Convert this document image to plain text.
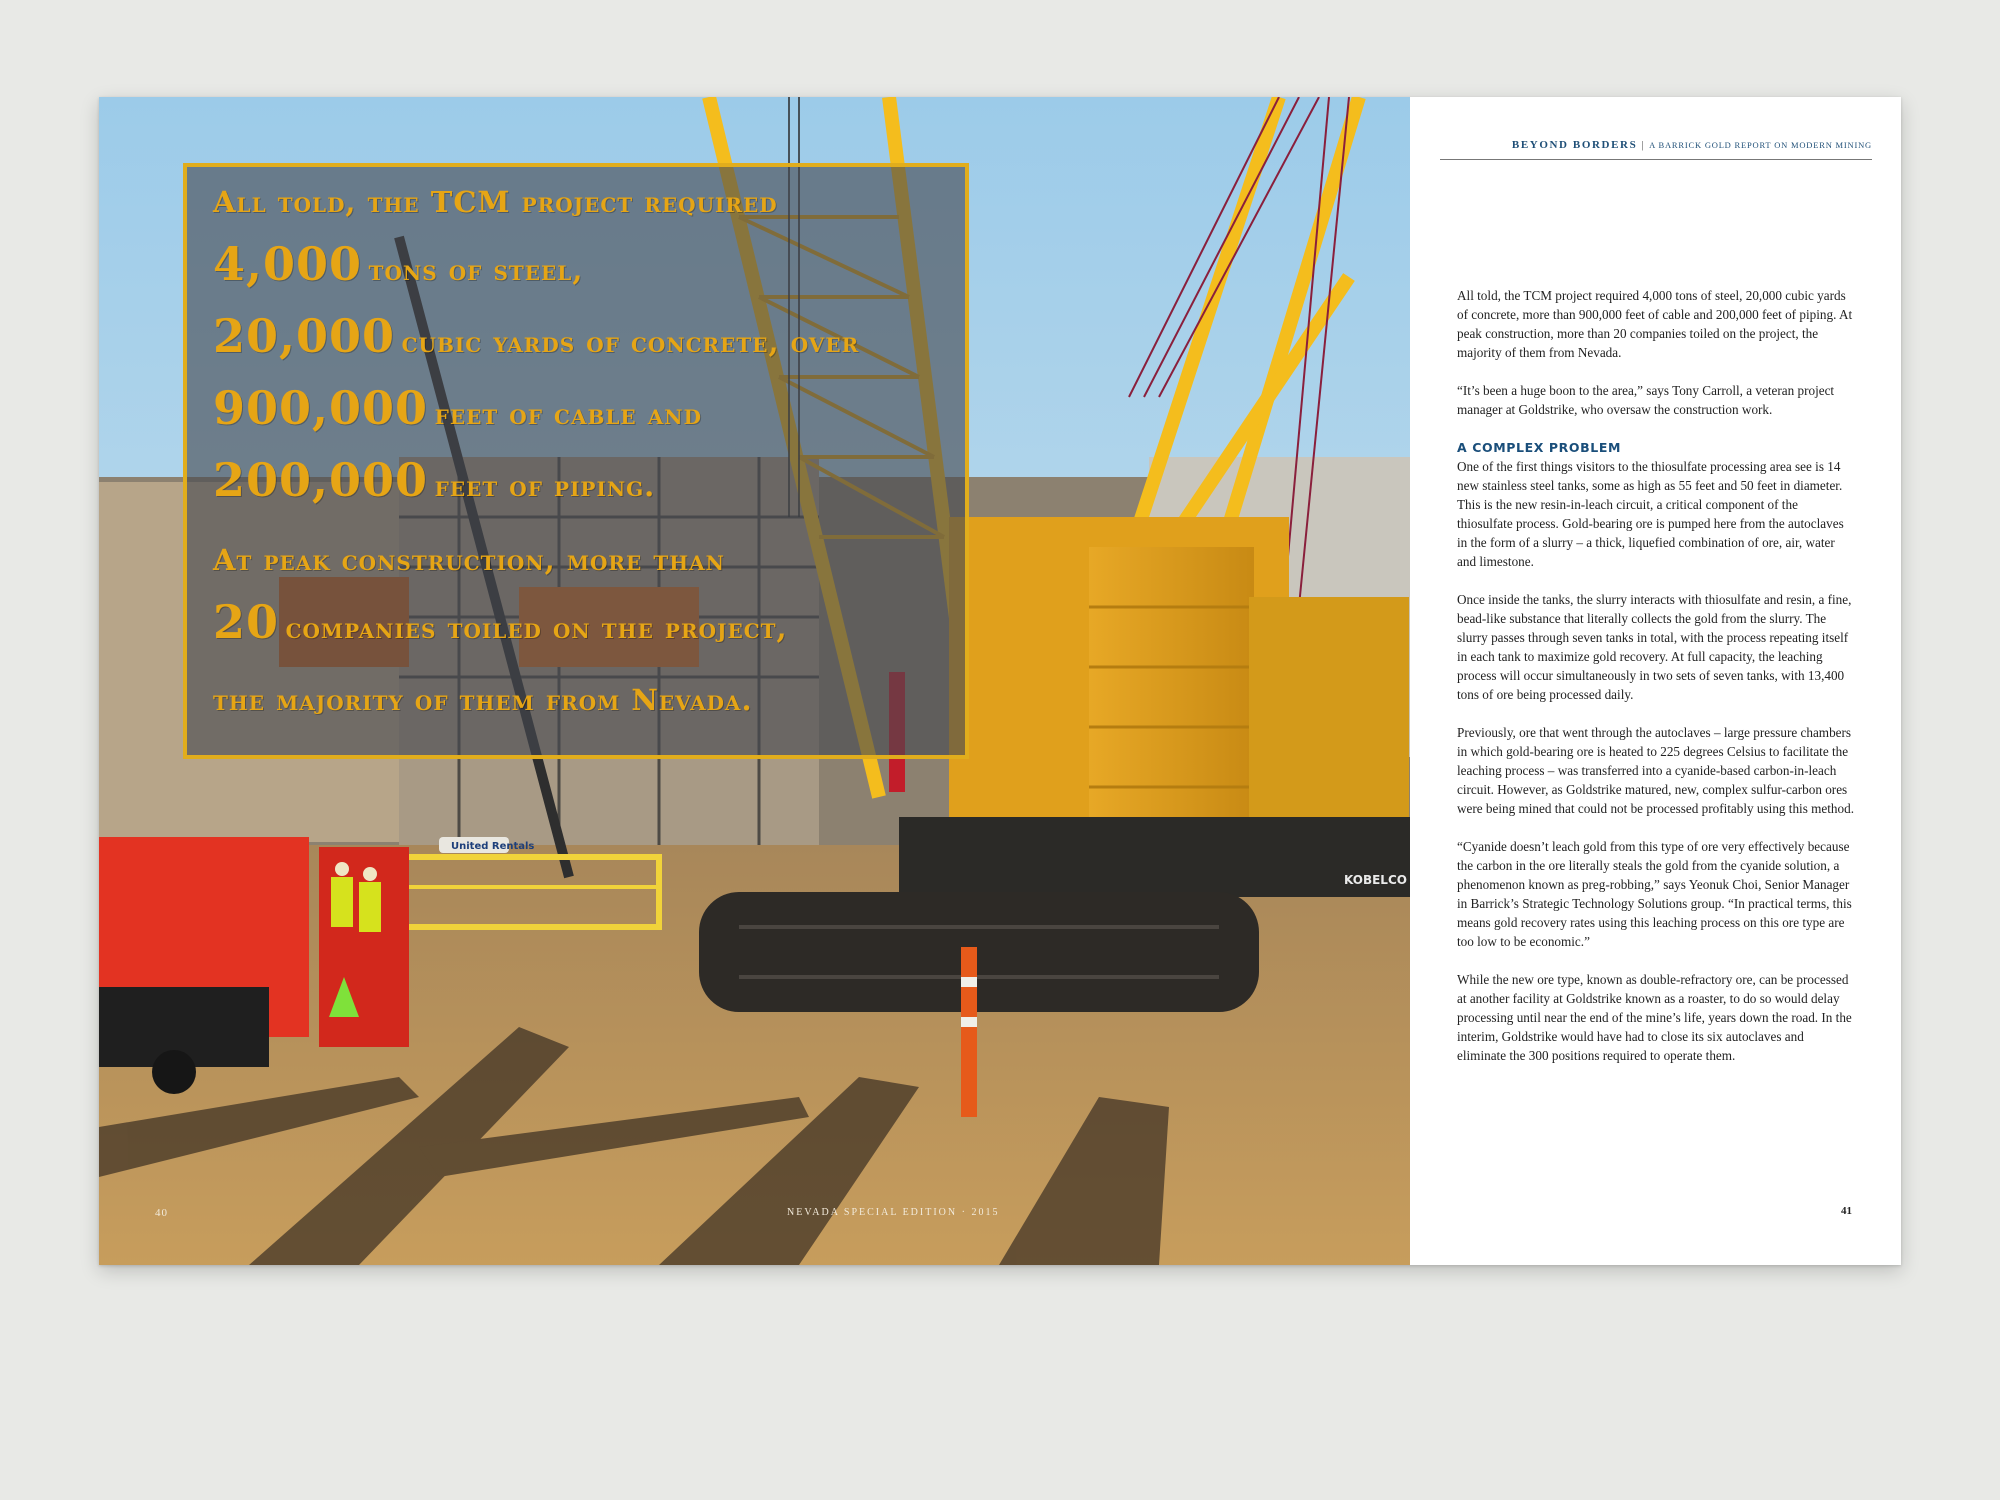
United Rentals
KOBELCO
All told, the TCM project required
4,000 tons of steel,
20,000 cubic yards of concrete, over
900,000 feet of cable and
200,000 feet of piping.
At peak construction, more than
20 companies toiled on the project,
the majority of them from Nevada.
40	NEVADA SPECIAL EDITION · 2015
BEYOND BORDERS | A BARRICK GOLD REPORT ON MODERN MINING

All told, the TCM project required 4,000 tons of steel, 20,000 cubic yards of concrete, more than 900,000 feet of cable and 200,000 feet of piping. At peak construction, more than 20 companies toiled on the project, the majority of them from Nevada.

“It’s been a huge boon to the area,” says Tony Carroll, a veteran project manager at Goldstrike, who oversaw the construction work.

A COMPLEX PROBLEM

One of the first things visitors to the thiosulfate processing area see is 14 new stainless steel tanks, some as high as 55 feet and 50 feet in diameter. This is the new resin-in-leach circuit, a critical component of the thiosulfate process. Gold-bearing ore is pumped here from the autoclaves in the form of a slurry – a thick, liquefied combination of ore, air, water and limestone.

Once inside the tanks, the slurry interacts with thiosulfate and resin, a fine, bead-like substance that literally collects the gold from the slurry. The slurry passes through seven tanks in total, with the process repeating itself in each tank to maximize gold recovery. At full capacity, the leaching process will occur simultaneously in two sets of seven tanks, with 13,400 tons of ore being processed daily.

Previously, ore that went through the autoclaves – large pressure chambers in which gold-bearing ore is heated to 225 degrees Celsius to facilitate the leaching process – was transferred into a cyanide-based carbon-in-leach circuit. However, as Goldstrike matured, new, complex sulfur-carbon ores were being mined that could not be processed profitably using this method.

“Cyanide doesn’t leach gold from this type of ore very effectively because the carbon in the ore literally steals the gold from the cyanide solution, a phenomenon known as preg-robbing,” says Yeonuk Choi, Senior Manager in Barrick’s Strategic Technology Solutions group. “In practical terms, this means gold recovery rates using this leaching process on this ore type are too low to be economic.”

While the new ore type, known as double-refractory ore, can be processed at another facility at Goldstrike known as a roaster, to do so would delay processing until near the end of the mine’s life, years down the road. In the interim, Goldstrike would have had to close its six autoclaves and eliminate the 300 positions required to operate them.

41
